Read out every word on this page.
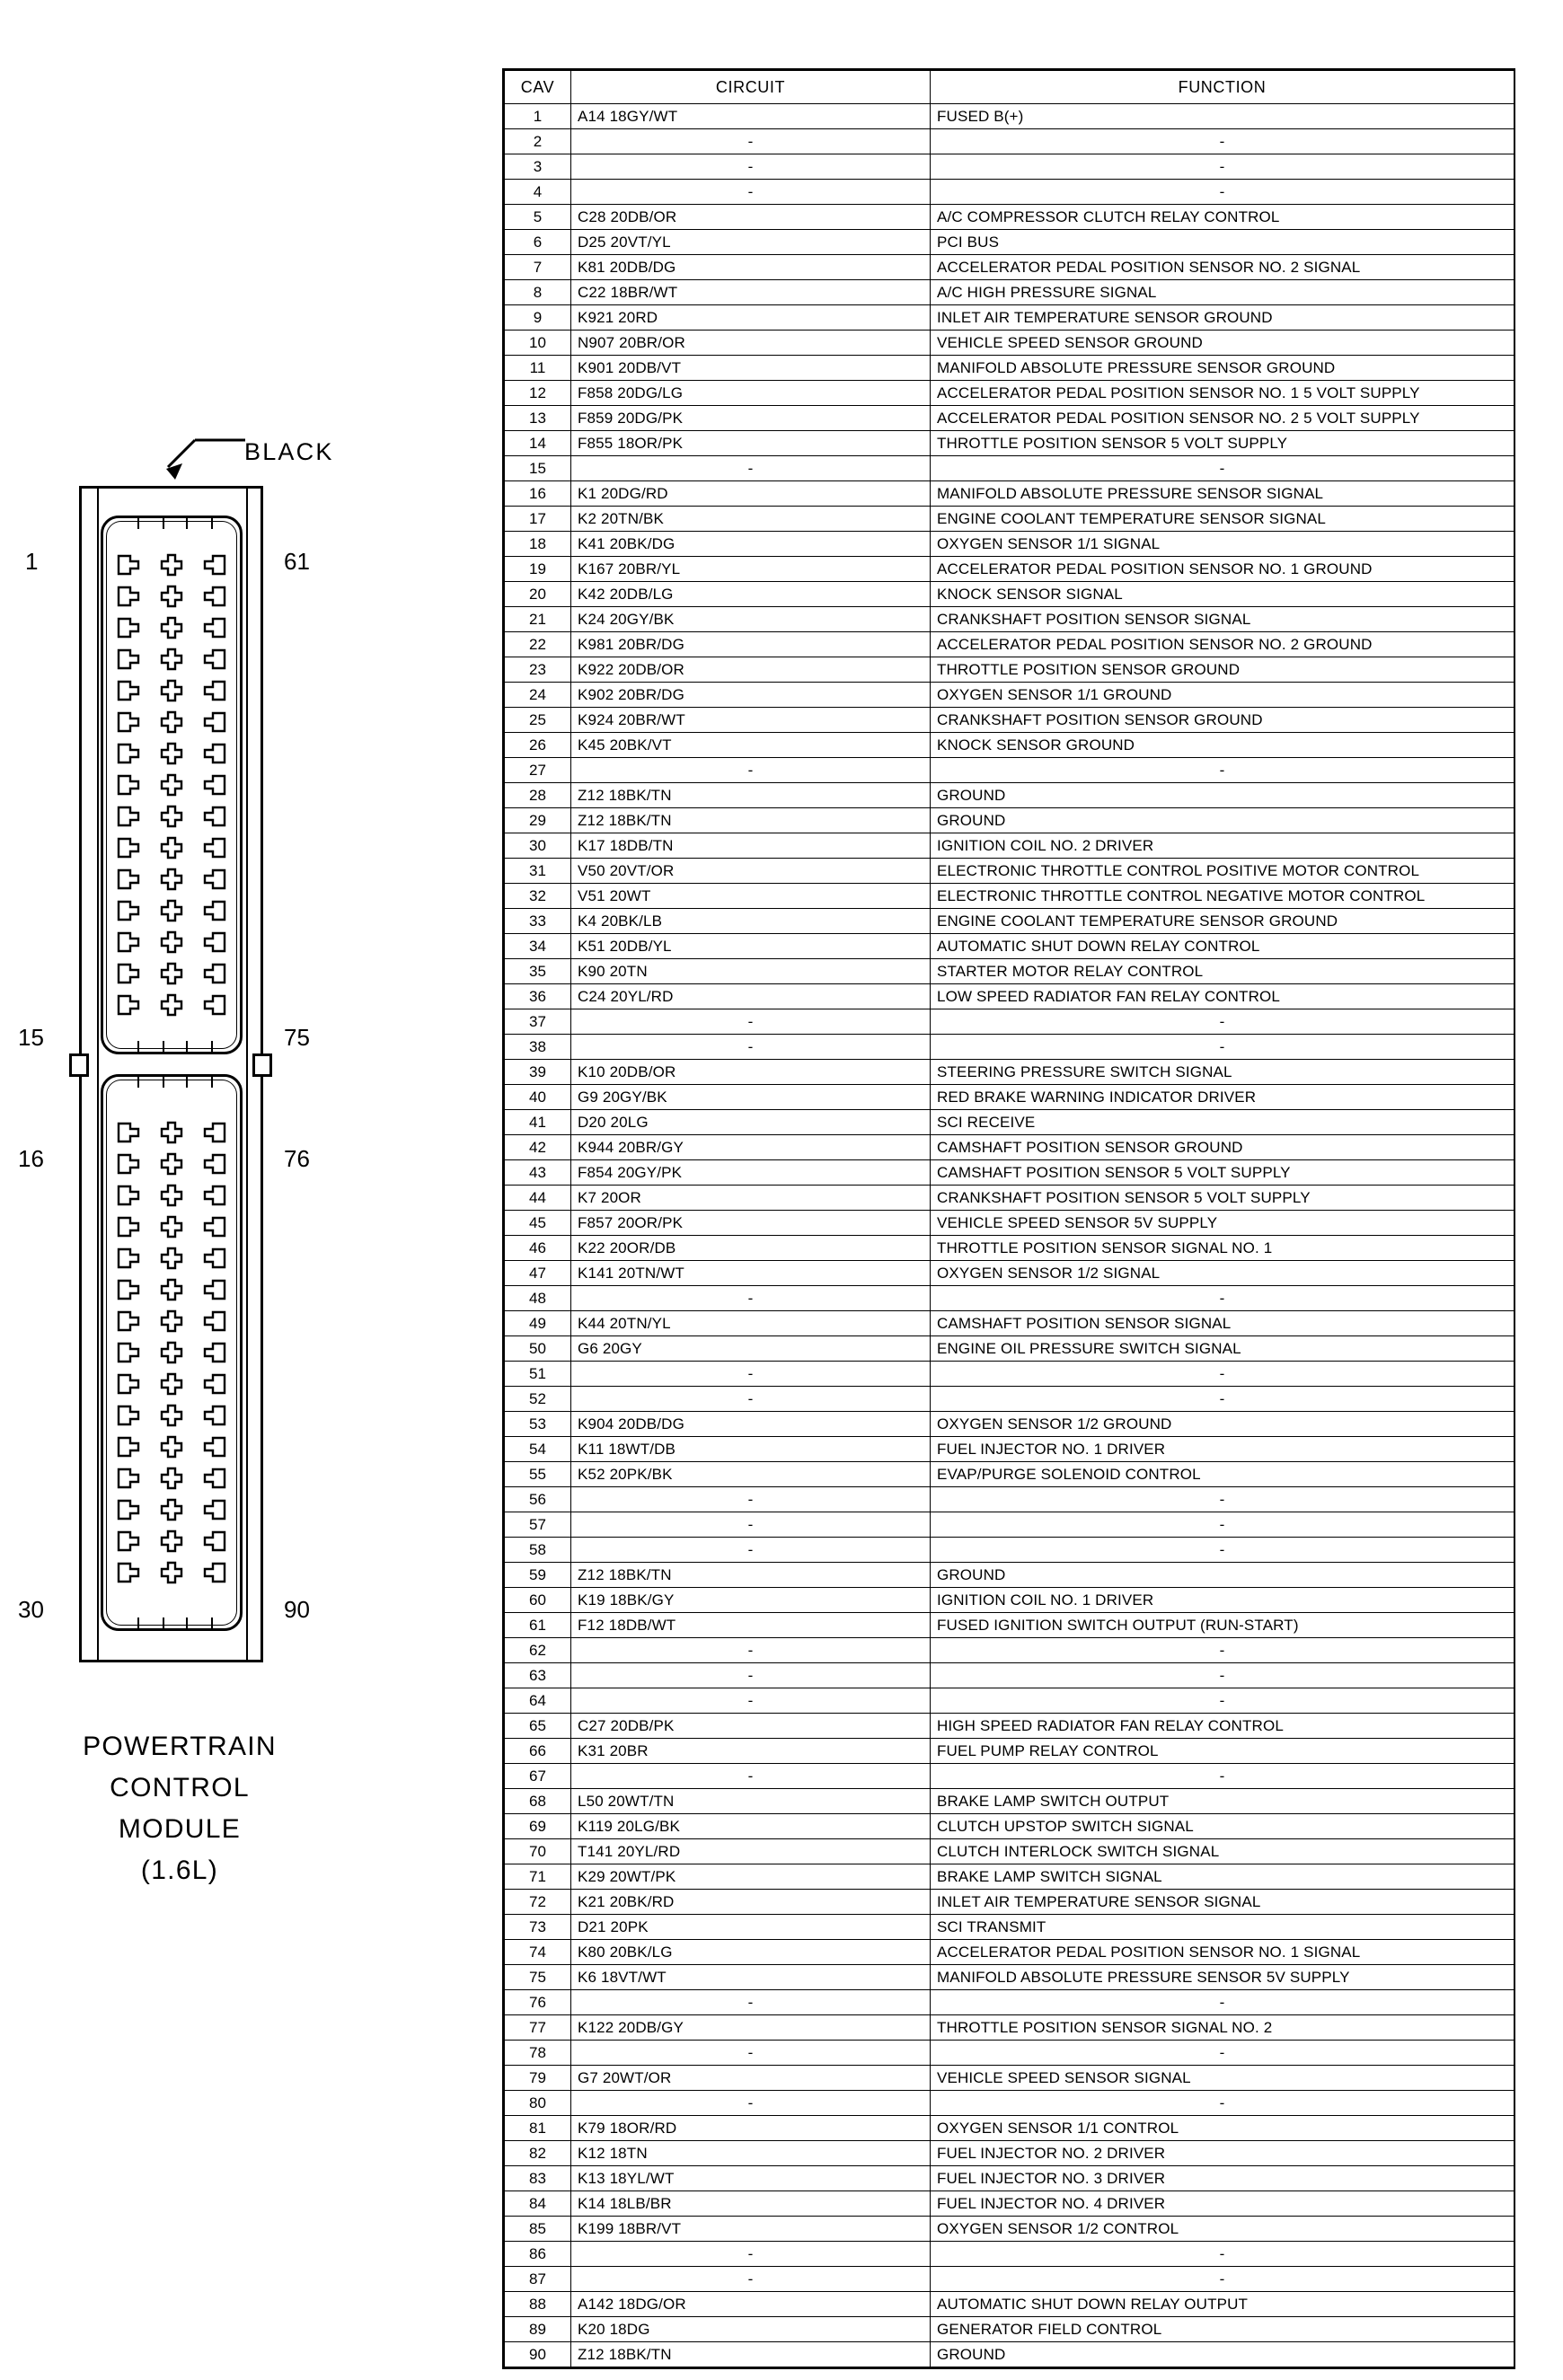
BLACK
1	61
15	75
16	76
30	90
POWERTRAIN
CONTROL
MODULE
(1.6L)
CAV	CIRCUIT	FUNCTION
1	A14 18GY/WT	FUSED B(+)
2	-	-
3	-	-
4	-	-
5	C28 20DB/OR	A/C COMPRESSOR CLUTCH RELAY CONTROL
6	D25 20VT/YL	PCI BUS
7	K81 20DB/DG	ACCELERATOR PEDAL POSITION SENSOR NO. 2 SIGNAL
8	C22 18BR/WT	A/C HIGH PRESSURE SIGNAL
9	K921 20RD	INLET AIR TEMPERATURE SENSOR GROUND
10	N907 20BR/OR	VEHICLE SPEED SENSOR GROUND
11	K901 20DB/VT	MANIFOLD ABSOLUTE PRESSURE SENSOR GROUND
12	F858 20DG/LG	ACCELERATOR PEDAL POSITION SENSOR NO. 1 5 VOLT SUPPLY
13	F859 20DG/PK	ACCELERATOR PEDAL POSITION SENSOR NO. 2 5 VOLT SUPPLY
14	F855 18OR/PK	THROTTLE POSITION SENSOR 5 VOLT SUPPLY
15	-	-
16	K1 20DG/RD	MANIFOLD ABSOLUTE PRESSURE SENSOR SIGNAL
17	K2 20TN/BK	ENGINE COOLANT TEMPERATURE SENSOR SIGNAL
18	K41 20BK/DG	OXYGEN SENSOR 1/1 SIGNAL
19	K167 20BR/YL	ACCELERATOR PEDAL POSITION SENSOR NO. 1 GROUND
20	K42 20DB/LG	KNOCK SENSOR SIGNAL
21	K24 20GY/BK	CRANKSHAFT POSITION SENSOR SIGNAL
22	K981 20BR/DG	ACCELERATOR PEDAL POSITION SENSOR NO. 2 GROUND
23	K922 20DB/OR	THROTTLE POSITION SENSOR GROUND
24	K902 20BR/DG	OXYGEN SENSOR 1/1 GROUND
25	K924 20BR/WT	CRANKSHAFT POSITION SENSOR GROUND
26	K45 20BK/VT	KNOCK SENSOR GROUND
27	-	-
28	Z12 18BK/TN	GROUND
29	Z12 18BK/TN	GROUND
30	K17 18DB/TN	IGNITION COIL NO. 2 DRIVER
31	V50 20VT/OR	ELECTRONIC THROTTLE CONTROL POSITIVE MOTOR CONTROL
32	V51 20WT	ELECTRONIC THROTTLE CONTROL NEGATIVE MOTOR CONTROL
33	K4 20BK/LB	ENGINE COOLANT TEMPERATURE SENSOR GROUND
34	K51 20DB/YL	AUTOMATIC SHUT DOWN RELAY CONTROL
35	K90 20TN	STARTER MOTOR RELAY CONTROL
36	C24 20YL/RD	LOW SPEED RADIATOR FAN RELAY CONTROL
37	-	-
38	-	-
39	K10 20DB/OR	STEERING PRESSURE SWITCH SIGNAL
40	G9 20GY/BK	RED BRAKE WARNING INDICATOR DRIVER
41	D20 20LG	SCI RECEIVE
42	K944 20BR/GY	CAMSHAFT POSITION SENSOR GROUND
43	F854 20GY/PK	CAMSHAFT POSITION SENSOR 5 VOLT SUPPLY
44	K7 20OR	CRANKSHAFT POSITION SENSOR 5 VOLT SUPPLY
45	F857 20OR/PK	VEHICLE SPEED SENSOR 5V SUPPLY
46	K22 20OR/DB	THROTTLE POSITION SENSOR SIGNAL NO. 1
47	K141 20TN/WT	OXYGEN SENSOR 1/2 SIGNAL
48	-	-
49	K44 20TN/YL	CAMSHAFT POSITION SENSOR SIGNAL
50	G6 20GY	ENGINE OIL PRESSURE SWITCH SIGNAL
51	-	-
52	-	-
53	K904 20DB/DG	OXYGEN SENSOR 1/2 GROUND
54	K11 18WT/DB	FUEL INJECTOR NO. 1 DRIVER
55	K52 20PK/BK	EVAP/PURGE SOLENOID CONTROL
56	-	-
57	-	-
58	-	-
59	Z12 18BK/TN	GROUND
60	K19 18BK/GY	IGNITION COIL NO. 1 DRIVER
61	F12 18DB/WT	FUSED IGNITION SWITCH OUTPUT (RUN-START)
62	-	-
63	-	-
64	-	-
65	C27 20DB/PK	HIGH SPEED RADIATOR FAN RELAY CONTROL
66	K31 20BR	FUEL PUMP RELAY CONTROL
67	-	-
68	L50 20WT/TN	BRAKE LAMP SWITCH OUTPUT
69	K119 20LG/BK	CLUTCH UPSTOP SWITCH SIGNAL
70	T141 20YL/RD	CLUTCH INTERLOCK SWITCH SIGNAL
71	K29 20WT/PK	BRAKE LAMP SWITCH SIGNAL
72	K21 20BK/RD	INLET AIR TEMPERATURE SENSOR SIGNAL
73	D21 20PK	SCI TRANSMIT
74	K80 20BK/LG	ACCELERATOR PEDAL POSITION SENSOR NO. 1 SIGNAL
75	K6 18VT/WT	MANIFOLD ABSOLUTE PRESSURE SENSOR 5V SUPPLY
76	-	-
77	K122 20DB/GY	THROTTLE POSITION SENSOR SIGNAL NO. 2
78	-	-
79	G7 20WT/OR	VEHICLE SPEED SENSOR SIGNAL
80	-	-
81	K79 18OR/RD	OXYGEN SENSOR 1/1 CONTROL
82	K12 18TN	FUEL INJECTOR NO. 2 DRIVER
83	K13 18YL/WT	FUEL INJECTOR NO. 3 DRIVER
84	K14 18LB/BR	FUEL INJECTOR NO. 4 DRIVER
85	K199 18BR/VT	OXYGEN SENSOR 1/2 CONTROL
86	-	-
87	-	-
88	A142 18DG/OR	AUTOMATIC SHUT DOWN RELAY OUTPUT
89	K20 18DG	GENERATOR FIELD CONTROL
90	Z12 18BK/TN	GROUND
